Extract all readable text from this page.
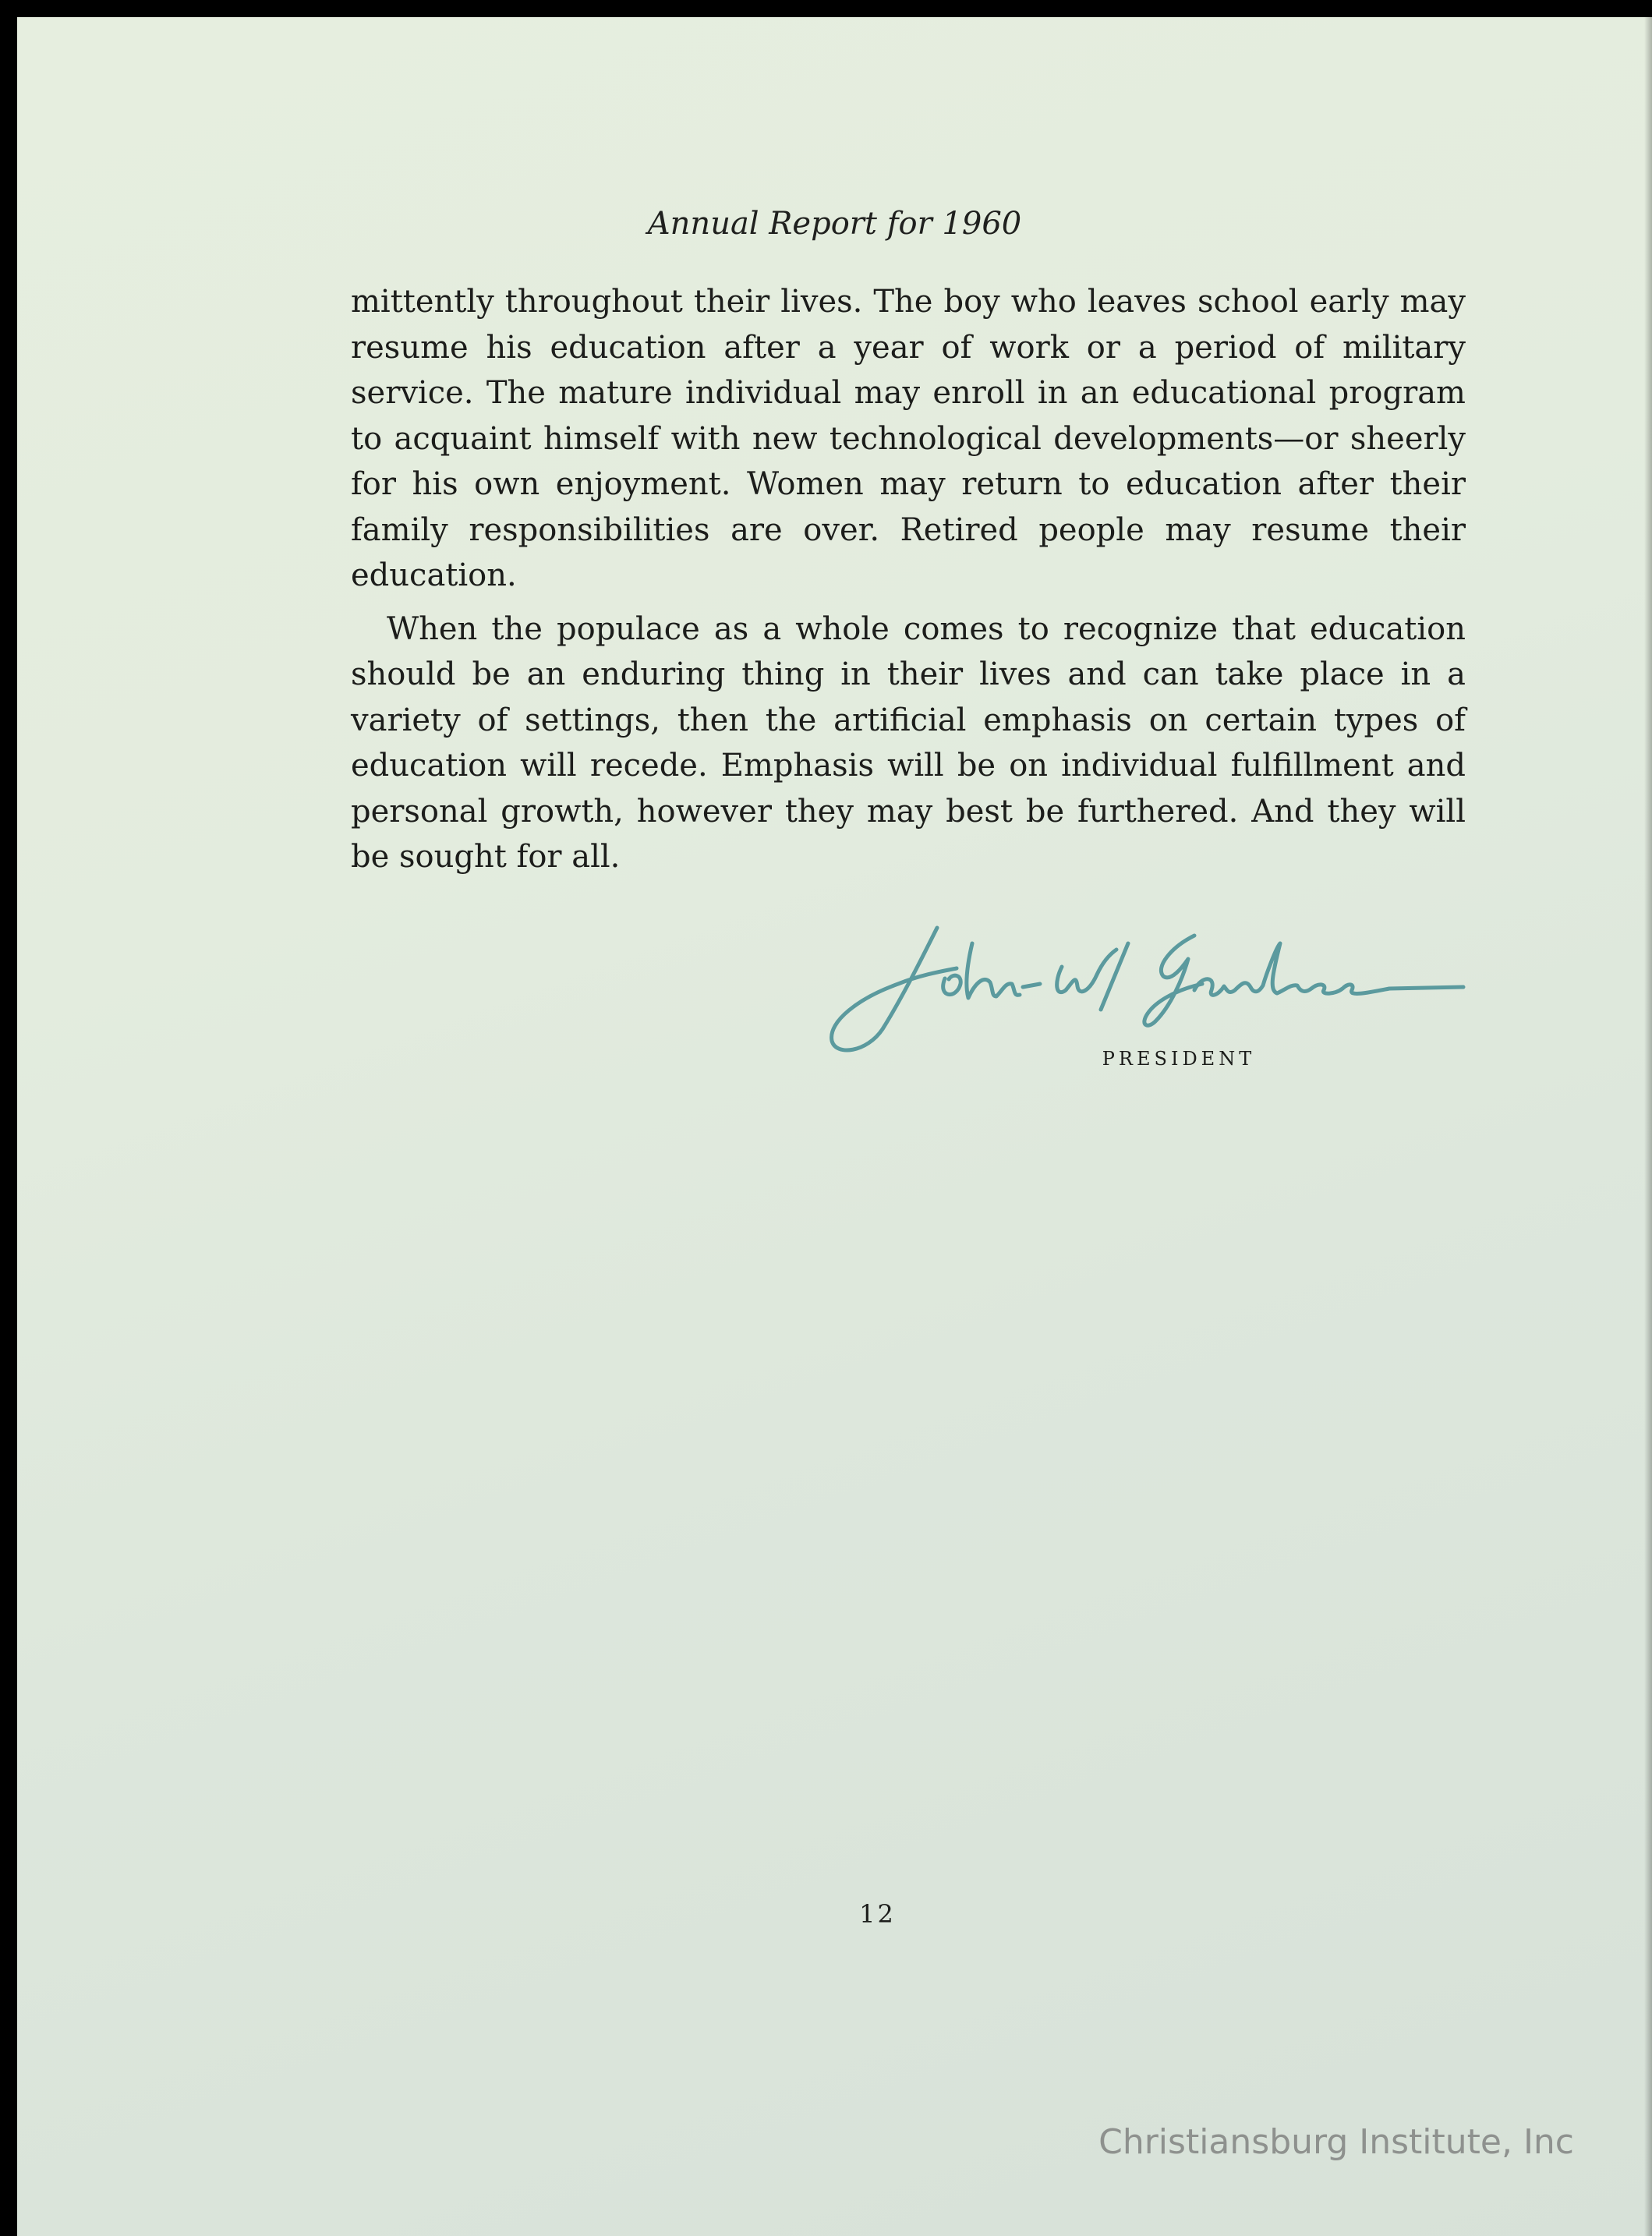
Annual Report for 1960

mittently throughout their lives. The boy who leaves school early may resume his education after a year of work or a period of military service. The mature individual may enroll in an educational program to acquaint himself with new technological developments—or sheerly for his own enjoyment. Women may return to education after their family responsibilities are over. Retired people may resume their education.

When the populace as a whole comes to recognize that education should be an enduring thing in their lives and can take place in a variety of settings, then the artificial emphasis on certain types of education will recede. Emphasis will be on individual fulfillment and personal growth, however they may best be furthered. And they will be sought for all.

PRESIDENT
12
Christiansburg Institute, Inc
